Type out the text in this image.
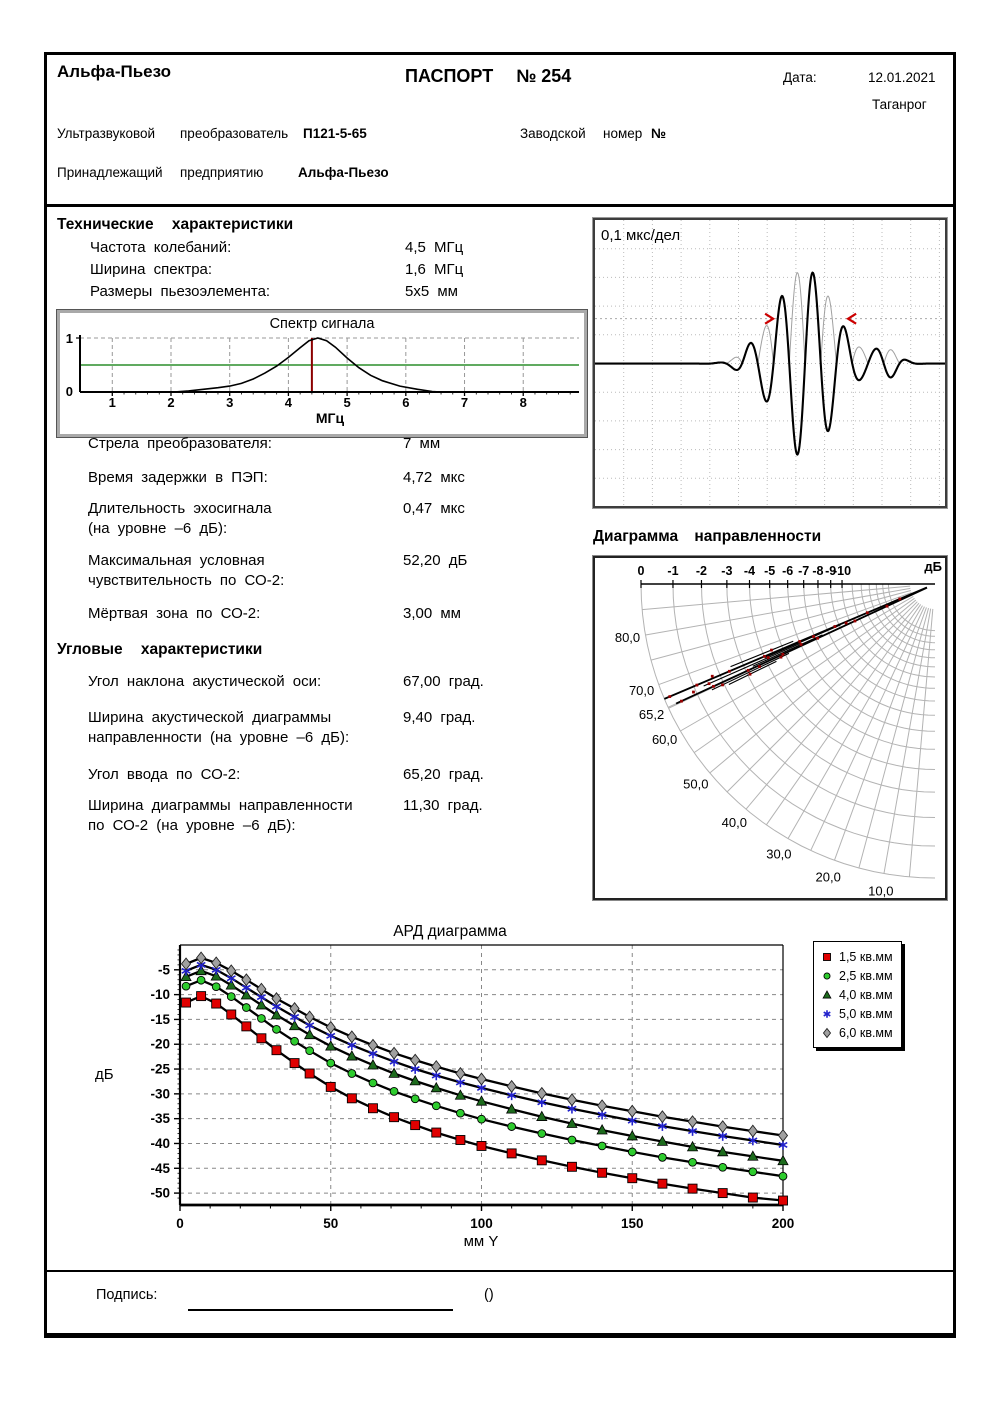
Альфа-Пьезо	ПАСПОРТ № 254	Дата:	12.01.2021
Таганрог
Ультразвуковой преобразователь П121-5-65	Заводской номер №
Принадлежащий предприятию	Альфа-Пьезо
Технические характеристики
Частота колебаний:	4,5 МГц
Ширина спектра:	1,6 МГц
Размеры пьезоэлемента:	5x5 мм
Спектр сигнала
1	2	3	4	5	6	7	8
1
0
МГц
Стрела преобразователя:	7 мм
Время задержки в ПЭП:	4,72 мкс
Длительность эхосигнала
(на уровне –6 дБ):
0,47 мкс
Максимальная условная
чувствительность по СО-2:
52,20 дБ
Мёртвая зона по СО-2:	3,00 мм
Угловые характеристики
Угол наклона акустической оси:	67,00 град.
Ширина акустической диаграммы
направленности (на уровне –6 дБ):
9,40 град.
Угол ввода по СО-2:	65,20 град.
Ширина диаграммы направленности
по СО-2 (на уровне –6 дБ):
11,30 град.
0,1 мкс/дел
Диаграмма направленности
0 -1 -2 -3 -4 -5 -6 -7 -8 -9
-10	дБ
80,0
70,0
65,2
60,0
50,0
40,0
30,0
20,0
10,0
АРД диаграмма
-5
-10
-15
-20
-25
-30
-35
-40
-45
-50
0	50	100	150	200
дБ
мм Y
1,5 кв.мм
2,5 кв.мм
4,0 кв.мм
5,0 кв.мм
6,0 кв.мм
Подпись:	()
